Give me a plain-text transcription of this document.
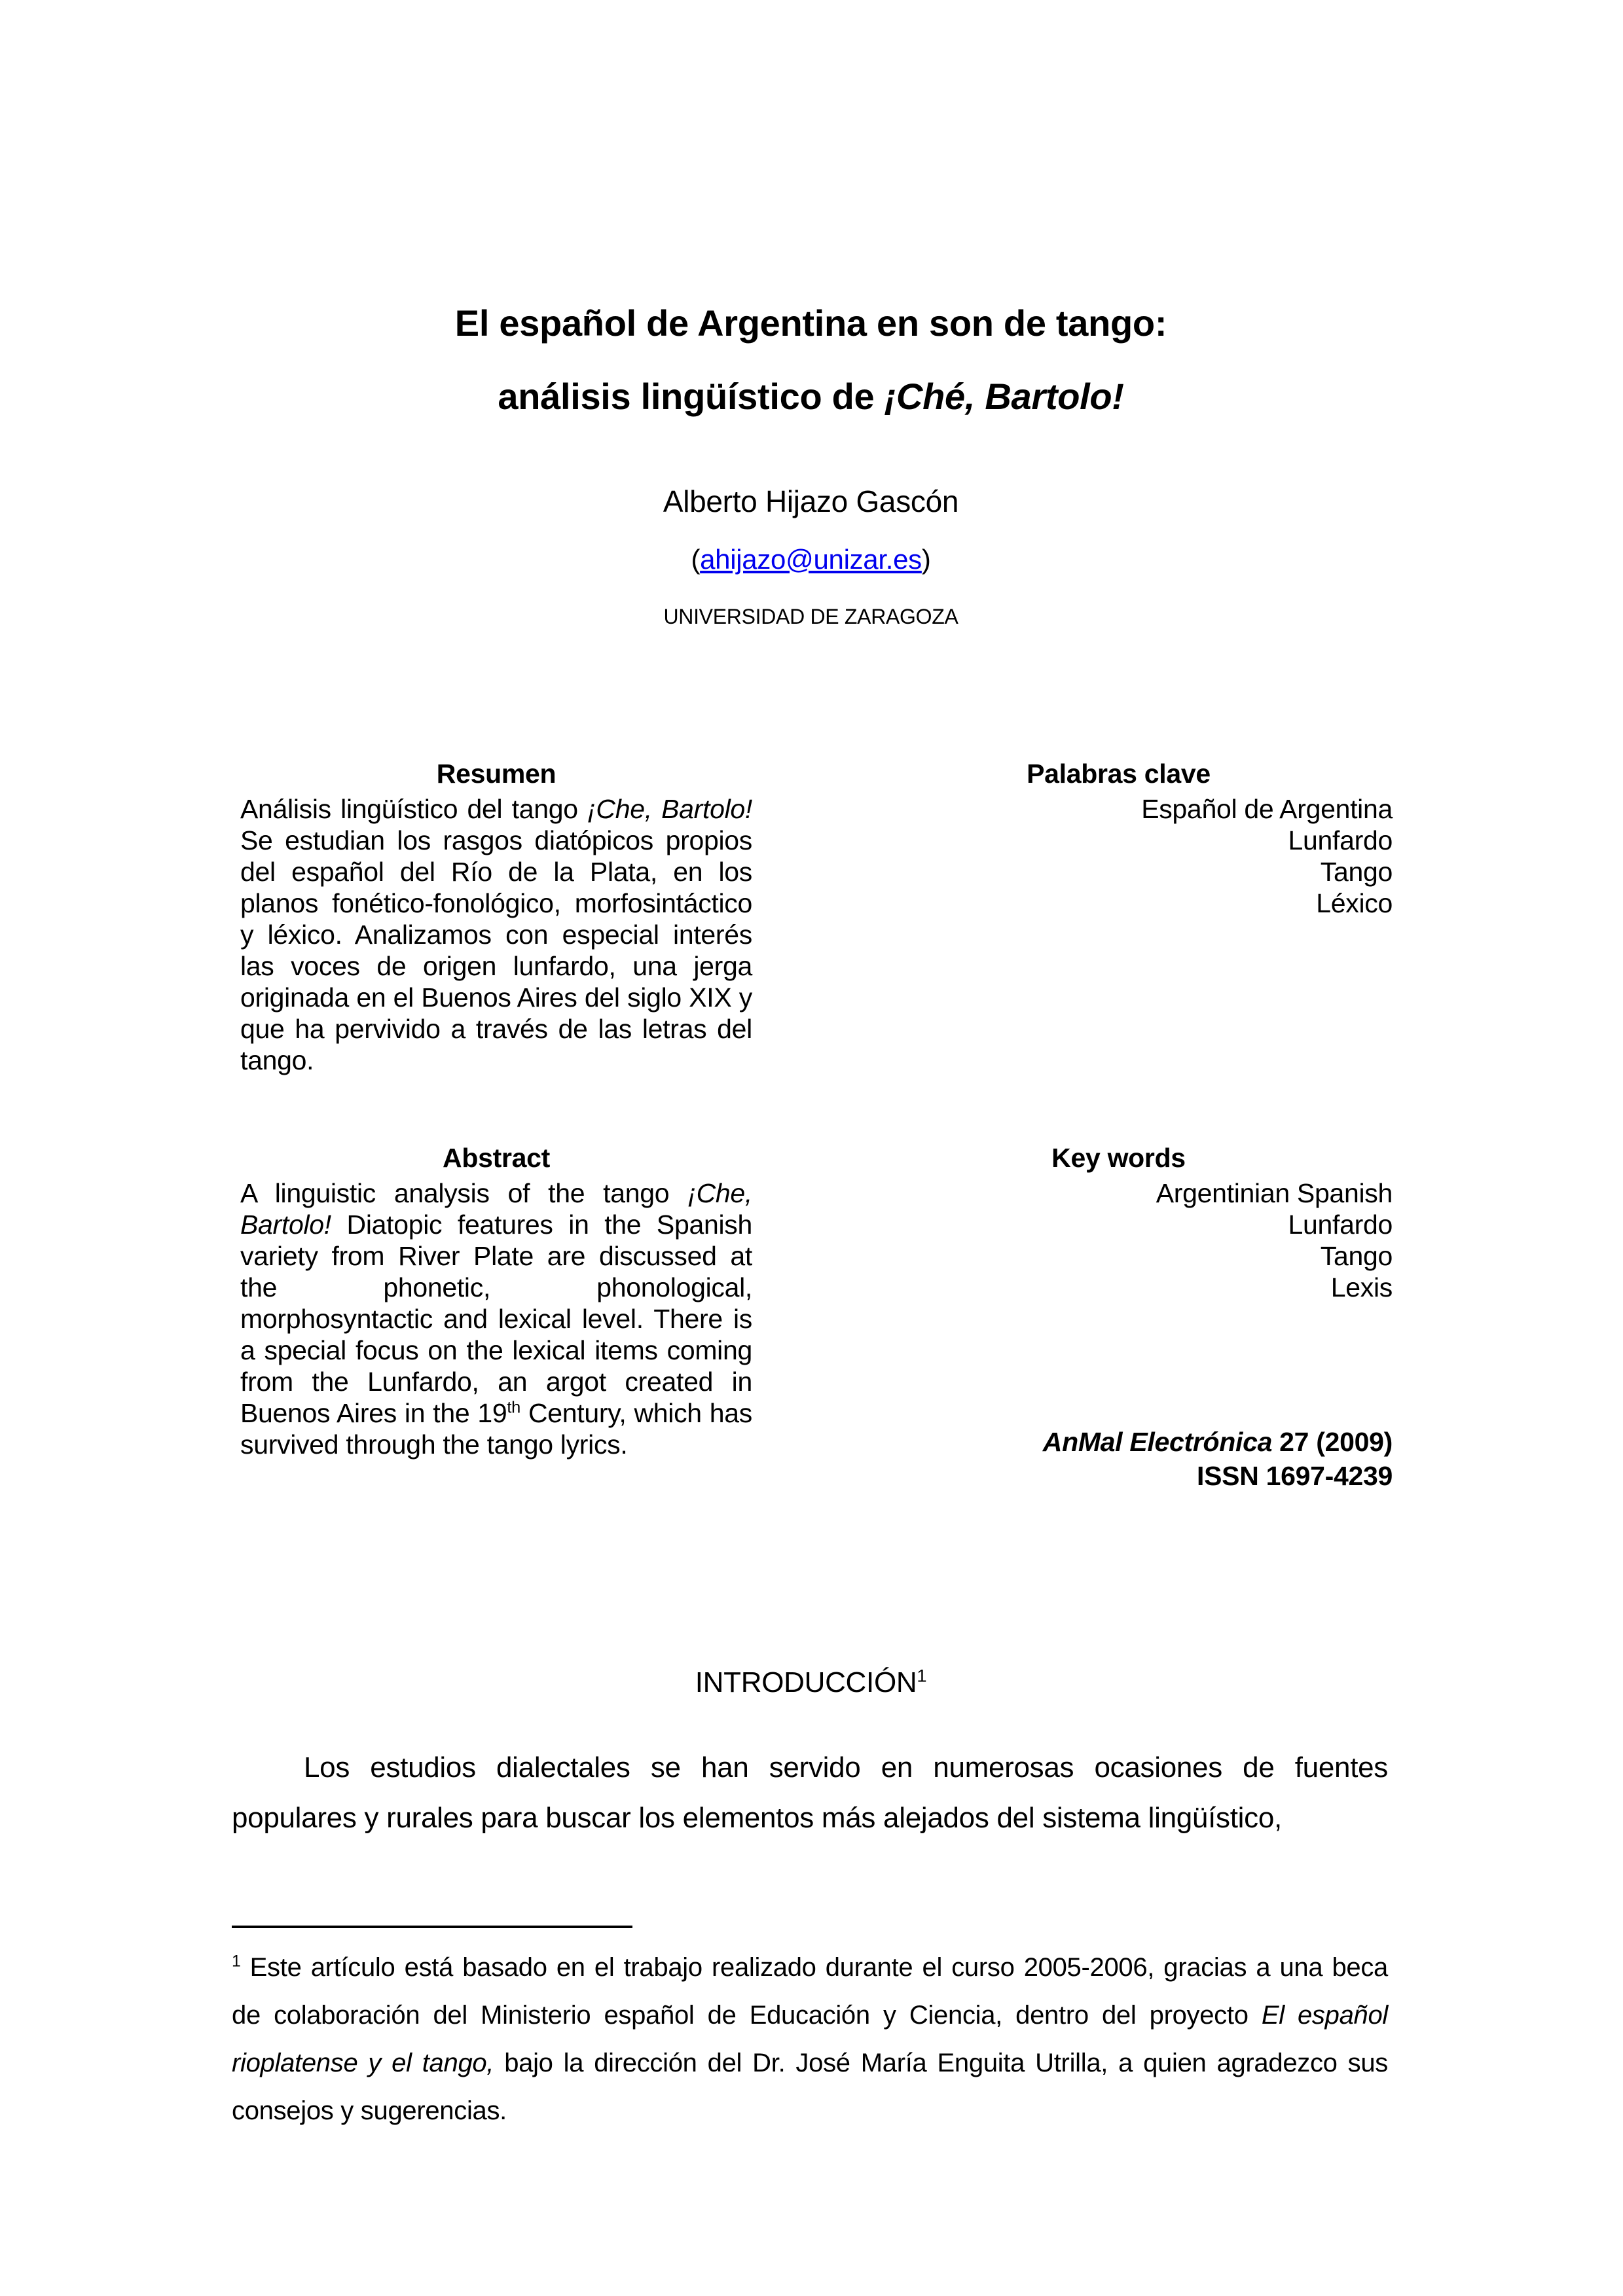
El español de Argentina en son de tango:
análisis lingüístico de ¡Ché, Bartolo!
Alberto Hijazo Gascón
(ahijazo@unizar.es)
UNIVERSIDAD DE ZARAGOZA
Resumen

Análisis lingüístico del tango ¡Che, Bartolo! Se estudian los rasgos diatópicos propios del español del Río de la Plata, en los planos fonético-fonológico, morfosintáctico y léxico. Analizamos con especial interés las voces de origen lunfardo, una jerga originada en el Buenos Aires del siglo XIX y que ha pervivido a través de las letras del tango.

Palabras clave
Español de Argentina
Lunfardo
Tango
Léxico
Abstract

A linguistic analysis of the tango ¡Che, Bartolo! Diatopic features in the Spanish variety from River Plate are discussed at the phonetic, phonological, morphosyntactic and lexical level. There is a special focus on the lexical items coming from the Lunfardo, an argot created in Buenos Aires in the 19th Century, which has survived through the tango lyrics.

Key words
Argentinian Spanish
Lunfardo
Tango
Lexis
AnMal Electrónica 27 (2009)
ISSN 1697-4239
INTRODUCCIÓN$^1$

Los estudios dialectales se han servido en numerosas ocasiones de fuentes populares y rurales para buscar los elementos más alejados del sistema lingüístico,

$^1$ Este artículo está basado en el trabajo realizado durante el curso 2005-2006, gracias a una beca de colaboración del Ministerio español de Educación y Ciencia, dentro del proyecto El español rioplatense y el tango, bajo la dirección del Dr. José María Enguita Utrilla, a quien agradezco sus consejos y sugerencias.
